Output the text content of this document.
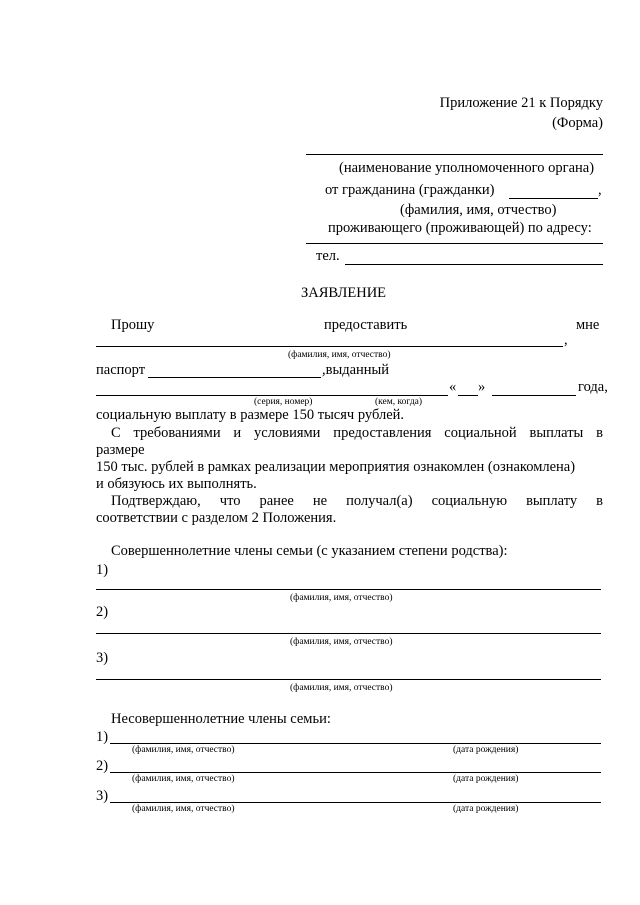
Приложение 21 к Порядку
(Форма)
(наименование уполномоченного органа)
от гражданина (гражданки)	,
(фамилия, имя, отчество)
проживающего (проживающей) по адресу:
тел.
ЗАЯВЛЕНИЕ
Прошу	предоставить	мне
,
(фамилия, имя, отчество)
паспорт	,выданный
« »	года,
(серия, номер)	(кем, когда)
социальную выплату в размере 150 тысяч рублей.
С требованиями и условиями предоставления социальной выплаты в
размере
150 тыс. рублей в рамках реализации мероприятия ознакомлен (ознакомлена)
и обязуюсь их выполнять.
Подтверждаю, что ранее не получал(а) социальную выплату в
соответствии с разделом 2 Положения.
Совершеннолетние члены семьи (с указанием степени родства):
1)
(фамилия, имя, отчество)
2)
(фамилия, имя, отчество)
3)
(фамилия, имя, отчество)
Несовершеннолетние члены семьи:
1)
(фамилия, имя, отчество)	(дата рождения)
2)
(фамилия, имя, отчество)	(дата рождения)
3)
(фамилия, имя, отчество)	(дата рождения)
